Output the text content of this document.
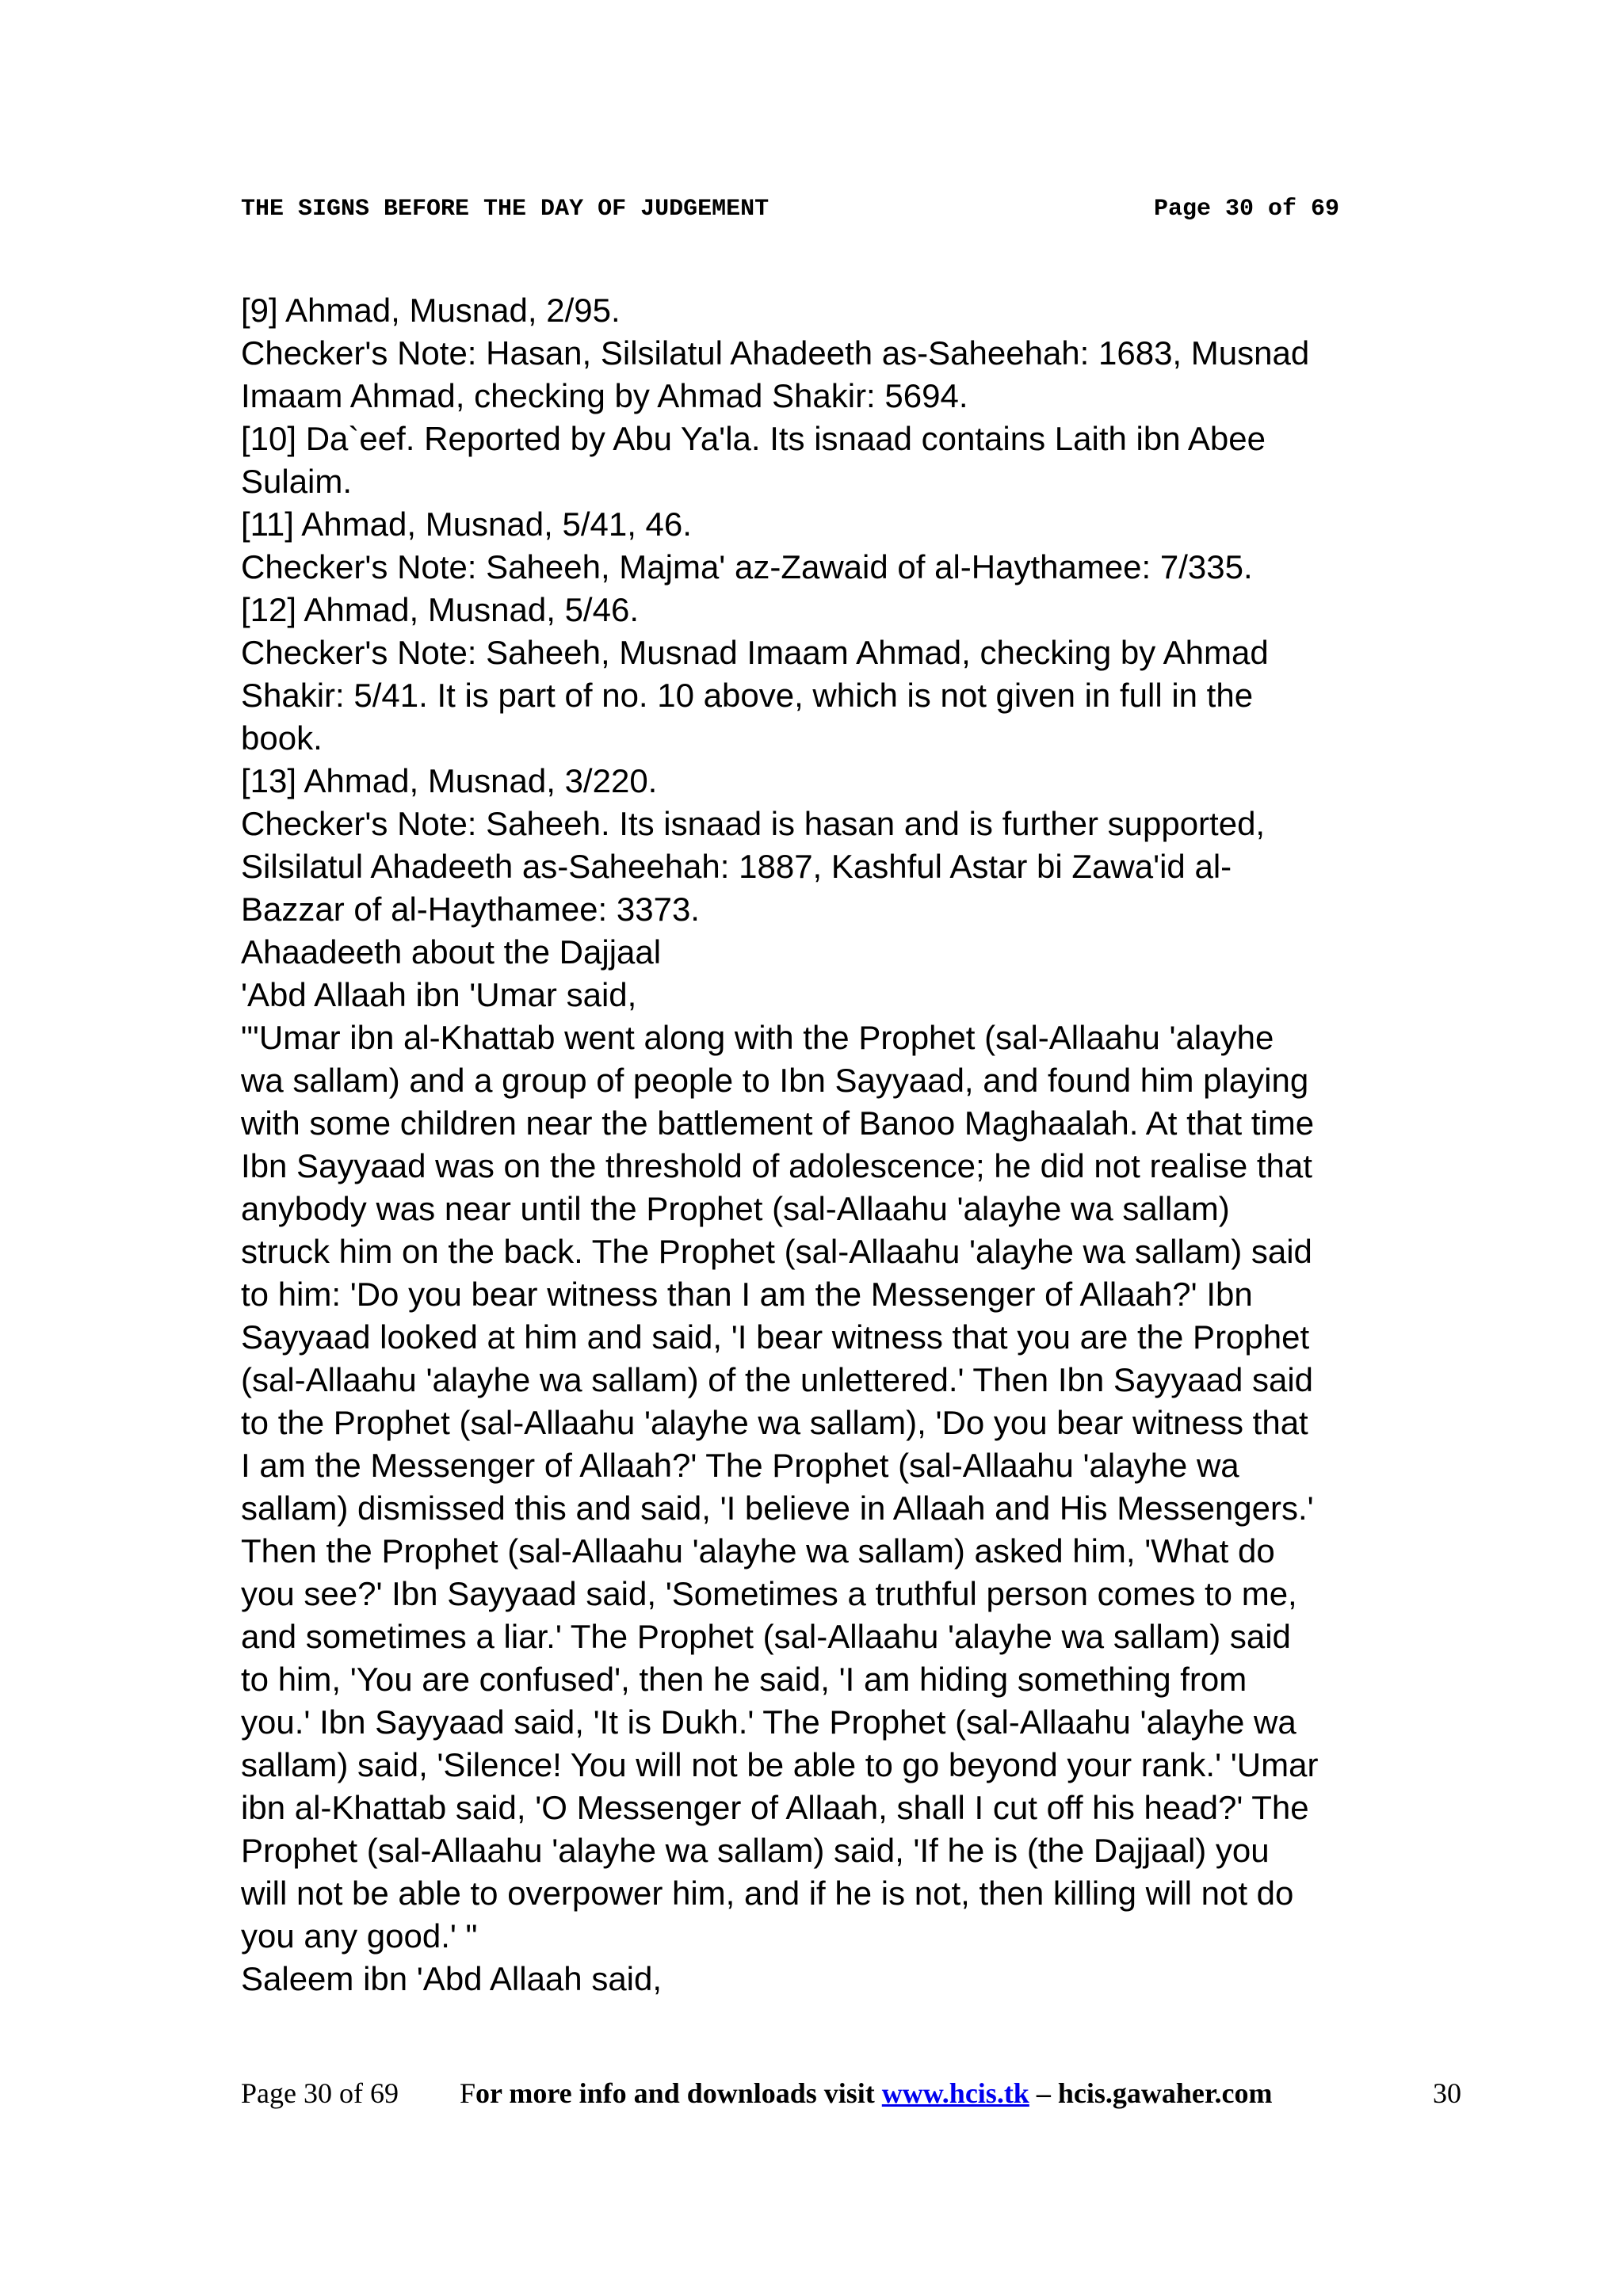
THE SIGNS BEFORE THE DAY OF JUDGEMENT	Page 30 of 69
[9] Ahmad, Musnad, 2/95.
Checker's Note: Hasan, Silsilatul Ahadeeth as-Saheehah: 1683, Musnad
Imaam Ahmad, checking by Ahmad Shakir: 5694.
[10] Da`eef. Reported by Abu Ya'la. Its isnaad contains Laith ibn Abee
Sulaim.
[11] Ahmad, Musnad, 5/41, 46.
Checker's Note: Saheeh, Majma' az-Zawaid of al-Haythamee: 7/335.
[12] Ahmad, Musnad, 5/46.
Checker's Note: Saheeh, Musnad Imaam Ahmad, checking by Ahmad
Shakir: 5/41. It is part of no. 10 above, which is not given in full in the
book.
[13] Ahmad, Musnad, 3/220.
Checker's Note: Saheeh. Its isnaad is hasan and is further supported,
Silsilatul Ahadeeth as-Saheehah: 1887, Kashful Astar bi Zawa'id al-
Bazzar of al-Haythamee: 3373.
Ahaadeeth about the Dajjaal
'Abd Allaah ibn 'Umar said,
"'Umar ibn al-Khattab went along with the Prophet (sal-Allaahu 'alayhe
wa sallam) and a group of people to Ibn Sayyaad, and found him playing
with some children near the battlement of Banoo Maghaalah. At that time
Ibn Sayyaad was on the threshold of adolescence; he did not realise that
anybody was near until the Prophet (sal-Allaahu 'alayhe wa sallam)
struck him on the back. The Prophet (sal-Allaahu 'alayhe wa sallam) said
to him: 'Do you bear witness than I am the Messenger of Allaah?' Ibn
Sayyaad looked at him and said, 'I bear witness that you are the Prophet
(sal-Allaahu 'alayhe wa sallam) of the unlettered.' Then Ibn Sayyaad said
to the Prophet (sal-Allaahu 'alayhe wa sallam), 'Do you bear witness that
I am the Messenger of Allaah?' The Prophet (sal-Allaahu 'alayhe wa
sallam) dismissed this and said, 'I believe in Allaah and His Messengers.'
Then the Prophet (sal-Allaahu 'alayhe wa sallam) asked him, 'What do
you see?' Ibn Sayyaad said, 'Sometimes a truthful person comes to me,
and sometimes a liar.' The Prophet (sal-Allaahu 'alayhe wa sallam) said
to him, 'You are confused', then he said, 'I am hiding something from
you.' Ibn Sayyaad said, 'It is Dukh.' The Prophet (sal-Allaahu 'alayhe wa
sallam) said, 'Silence! You will not be able to go beyond your rank.' 'Umar
ibn al-Khattab said, 'O Messenger of Allaah, shall I cut off his head?' The
Prophet (sal-Allaahu 'alayhe wa sallam) said, 'If he is (the Dajjaal) you
will not be able to overpower him, and if he is not, then killing will not do
you any good.' "
Saleem ibn 'Abd Allaah said,
Page 30 of 69 For more info and downloads visit www.hcis.tk – hcis.gawaher.com	30
